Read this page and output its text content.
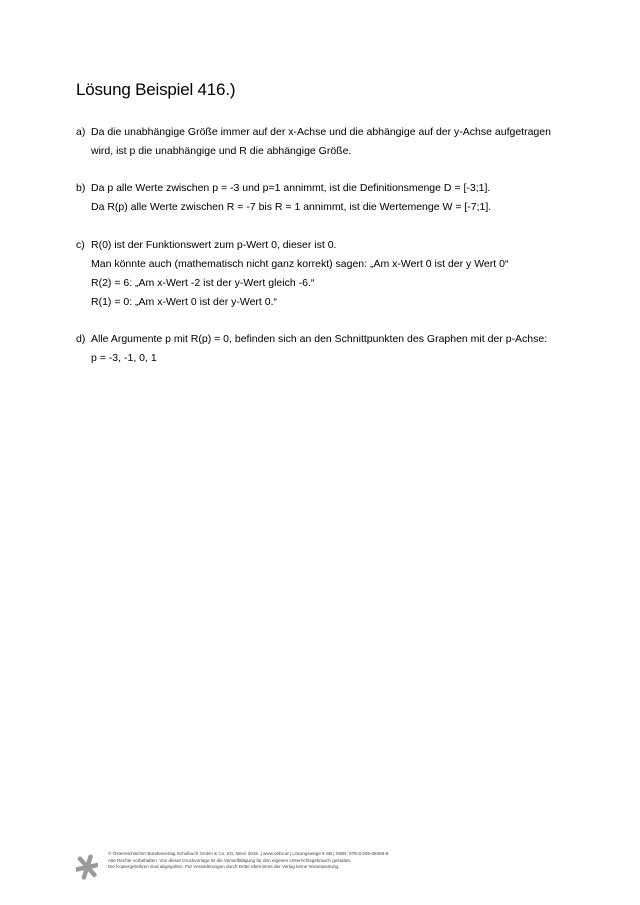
Lösung Beispiel 416.)
a) Da die unabhängige Größe immer auf der x-Achse und die abhängige auf der y-Achse aufgetragen
wird, ist p die unabhängige und R die abhängige Größe.
b) Da p alle Werte zwischen p = -3 und p=1 annimmt, ist die Definitionsmenge D = [-3;1].
Da R(p) alle Werte zwischen R = -7 bis R = 1 annimmt, ist die Wertemenge W = [-7;1].
c) R(0) ist der Funktionswert zum p-Wert 0, dieser ist 0.
Man könnte auch (mathematisch nicht ganz korrekt) sagen: „Am x-Wert 0 ist der y Wert 0“
R(2) = 6: „Am x-Wert -2 ist der y-Wert gleich -6.“
R(1) = 0: „Am x-Wert 0 ist der y-Wert 0.“
d) Alle Argumente p mit R(p) = 0, befinden sich an den Schnittpunkten des Graphen mit der p-Achse:
p = -3, -1, 0, 1
© Österreichischer Bundesverlag Schulbuch GmbH & Co. KG, Wien 2015. | www.oebv.at | Lösungswege 5 SB | ISBN: 978-3-209-08466-8
Alle Rechte vorbehalten. Von dieser Druckvorlage ist die Vervielfältigung für den eigenen Unterrichtsgebrauch gestattet.
Die Kopiergebühren sind abgegolten. Für Veränderungen durch Dritte übernimmt der Verlag keine Verantwortung.
